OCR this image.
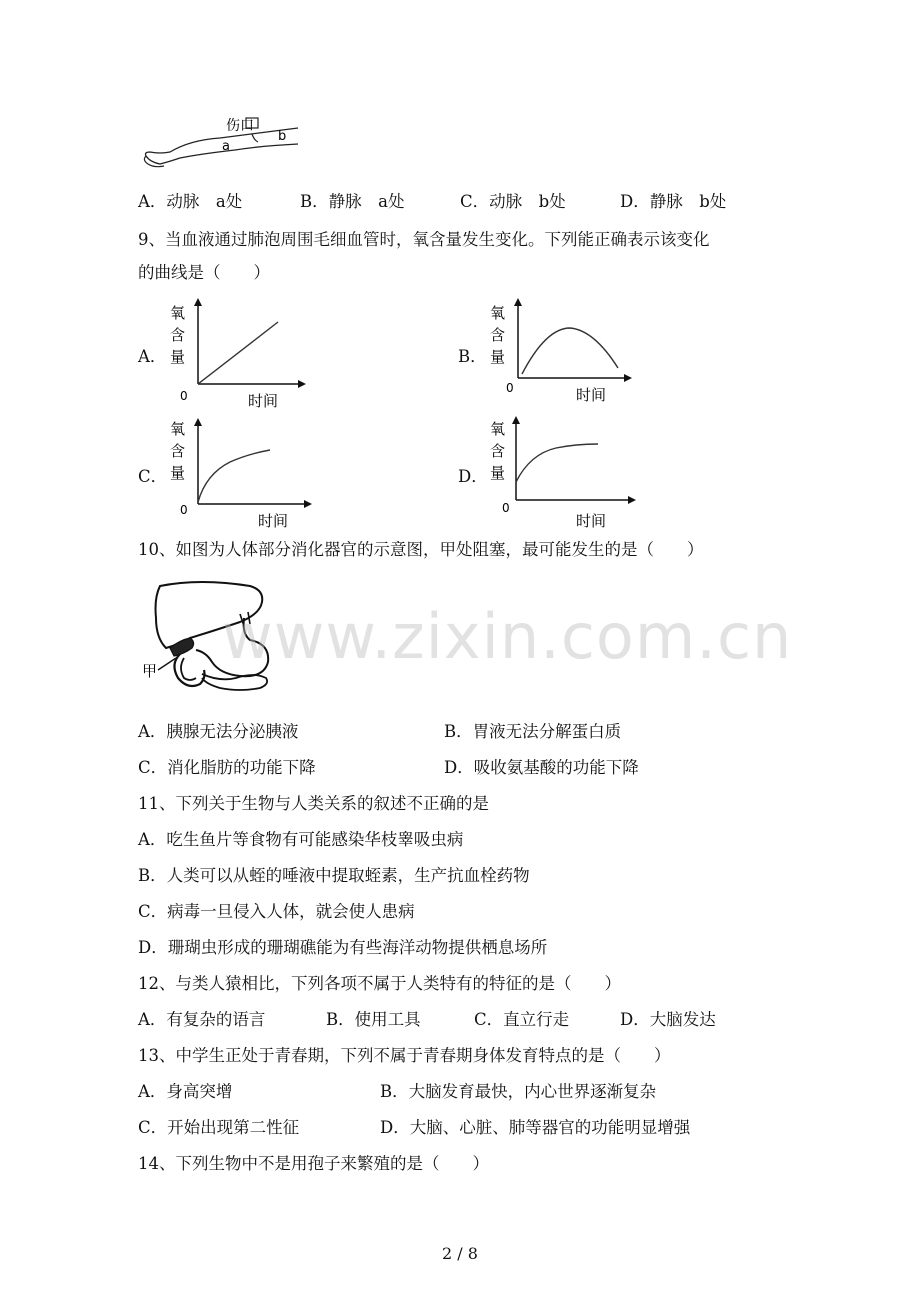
伤口
a
b
A．动脉　a处	B．静脉　a处	C．动脉　b处	D．静脉　b处
9、当血液通过肺泡周围毛细血管时，氧含量发生变化。下列能正确表示该变化
的曲线是（　　）
A．
氧
含
量
0	时间
B．
氧
含
量
0	时间
C．
氧
含
量
0
时间
D．
氧
含
量
0
时间
10、如图为人体部分消化器官的示意图，甲处阻塞，最可能发生的是（　　）
甲 www.zixin.com.cn
A．胰腺无法分泌胰液	B．胃液无法分解蛋白质
C．消化脂肪的功能下降	D．吸收氨基酸的功能下降
11、下列关于生物与人类关系的叙述不正确的是
A．吃生鱼片等食物有可能感染华枝睾吸虫病
B．人类可以从蛭的唾液中提取蛭素，生产抗血栓药物
C．病毒一旦侵入人体，就会使人患病
D．珊瑚虫形成的珊瑚礁能为有些海洋动物提供栖息场所
12、与类人猿相比，下列各项不属于人类特有的特征的是（　　）
A．有复杂的语言	B．使用工具	C．直立行走	D．大脑发达
13、中学生正处于青春期，下列不属于青春期身体发育特点的是（　　）
A．身高突增	B．大脑发育最快，内心世界逐渐复杂
C．开始出现第二性征	D．大脑、心脏、肺等器官的功能明显增强
14、下列生物中不是用孢子来繁殖的是（　　）
2 / 8
